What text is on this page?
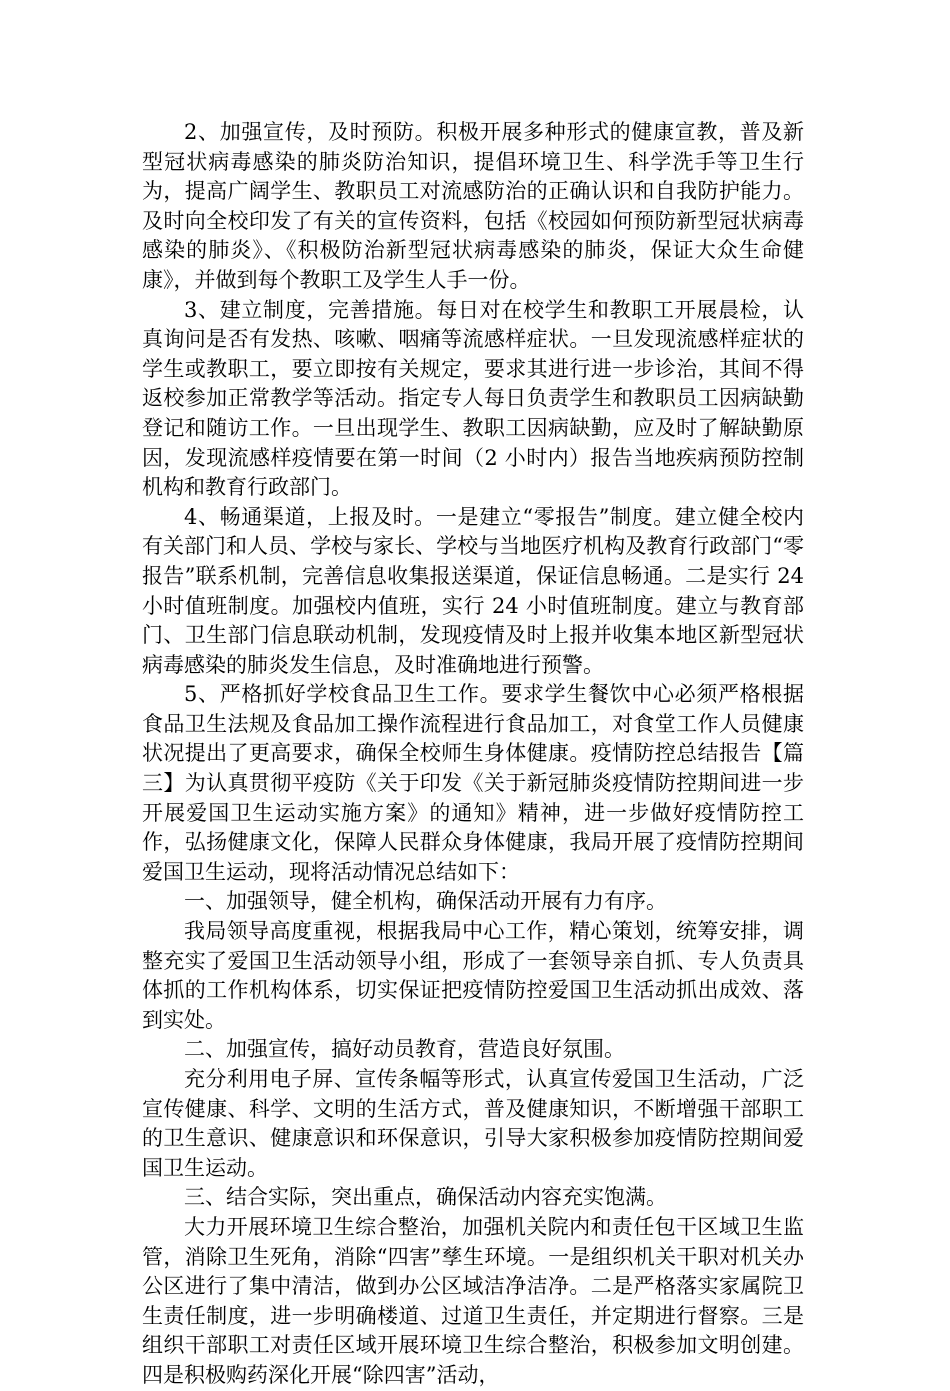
2、加强宣传，及时预防。积极开展多种形式的健康宣教，普及新型冠状病毒感染的肺炎防治知识，提倡环境卫生、科学洗手等卫生行为，提高广阔学生、教职员工对流感防治的正确认识和自我防护能力。及时向全校印发了有关的宣传资料，包括《校园如何预防新型冠状病毒感染的肺炎》、《积极防治新型冠状病毒感染的肺炎，保证大众生命健康》，并做到每个教职工及学生人手一份。

3、建立制度，完善措施。每日对在校学生和教职工开展晨检，认真询问是否有发热、咳嗽、咽痛等流感样症状。一旦发现流感样症状的学生或教职工，要立即按有关规定，要求其进行进一步诊治，其间不得返校参加正常教学等活动。指定专人每日负责学生和教职员工因病缺勤登记和随访工作。一旦出现学生、教职工因病缺勤，应及时了解缺勤原因，发现流感样疫情要在第一时间（2 小时内）报告当地疾病预防控制机构和教育行政部门。

4、畅通渠道，上报及时。一是建立“零报告”制度。建立健全校内有关部门和人员、学校与家长、学校与当地医疗机构及教育行政部门“零报告”联系机制，完善信息收集报送渠道，保证信息畅通。二是实行 24 小时值班制度。加强校内值班，实行 24 小时值班制度。建立与教育部门、卫生部门信息联动机制，发现疫情及时上报并收集本地区新型冠状病毒感染的肺炎发生信息，及时准确地进行预警。

5、严格抓好学校食品卫生工作。要求学生餐饮中心必须严格根据食品卫生法规及食品加工操作流程进行食品加工，对食堂工作人员健康状况提出了更高要求，确保全校师生身体健康。疫情防控总结报告【篇三】为认真贯彻平疫防《关于印发《关于新冠肺炎疫情防控期间进一步开展爱国卫生运动实施方案》的通知》精神，进一步做好疫情防控工作，弘扬健康文化，保障人民群众身体健康，我局开展了疫情防控期间爱国卫生运动，现将活动情况总结如下：

一、加强领导，健全机构，确保活动开展有力有序。

我局领导高度重视，根据我局中心工作，精心策划，统筹安排，调整充实了爱国卫生活动领导小组，形成了一套领导亲自抓、专人负责具体抓的工作机构体系，切实保证把疫情防控爱国卫生活动抓出成效、落到实处。

二、加强宣传，搞好动员教育，营造良好氛围。

充分利用电子屏、宣传条幅等形式，认真宣传爱国卫生活动，广泛宣传健康、科学、文明的生活方式，普及健康知识，不断增强干部职工的卫生意识、健康意识和环保意识，引导大家积极参加疫情防控期间爱国卫生运动。

三、结合实际，突出重点，确保活动内容充实饱满。

大力开展环境卫生综合整治，加强机关院内和责任包干区域卫生监管，消除卫生死角，消除“四害”孳生环境。一是组织机关干职对机关办公区进行了集中清洁，做到办公区域洁净洁净。二是严格落实家属院卫生责任制度，进一步明确楼道、过道卫生责任，并定期进行督察。三是组织干部职工对责任区域开展环境卫生综合整治，积极参加文明创建。四是积极购药深化开展“除四害”活动，
